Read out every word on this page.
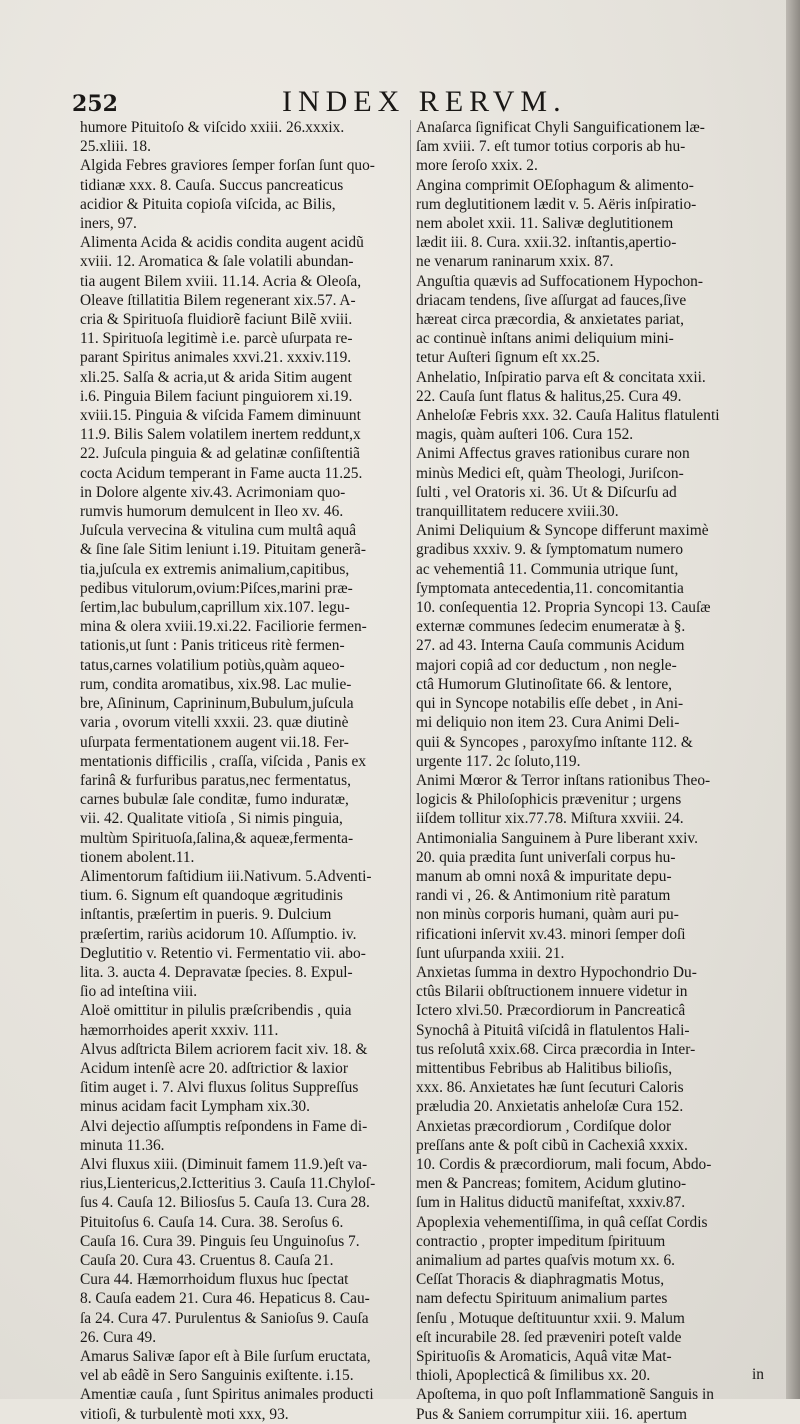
252	INDEX RERVM.
humore Pituitoſo & viſcido xxiii. 26.xxxix.
25.xliii. 18.
Algida Febres graviores ſemper forſan ſunt quo-
tidianæ xxx. 8. Cauſa. Succus pancreaticus
acidior & Pituita copioſa viſcida, ac Bilis,
iners, 97.
Alimenta Acida & acidis condita augent acidũ
xviii. 12. Aromatica & ſale volatili abundan-
tia augent Bilem xviii. 11.14. Acria & Oleoſa,
Oleave ſtillatitia Bilem regenerant xix.57. A-
cria & Spirituoſa fluidiorẽ faciunt Bilẽ xviii.
11. Spirituoſa legitimè i.e. parcè uſurpata re-
parant Spiritus animales xxvi.21. xxxiv.119.
xli.25. Salſa & acria,ut & arida Sitim augent
i.6. Pinguia Bilem faciunt pinguiorem xi.19.
xviii.15. Pinguia & viſcida Famem diminuunt
11.9. Bilis Salem volatilem inertem reddunt,x
22. Juſcula pinguia & ad gelatinæ conſiſtentiã
cocta Acidum temperant in Fame aucta 11.25.
in Dolore algente xiv.43. Acrimoniam quo-
rumvis humorum demulcent in Ileo xv. 46.
Juſcula vervecina & vitulina cum multâ aquâ
& ſine ſale Sitim leniunt i.19. Pituitam generã-
tia,juſcula ex extremis animalium,capitibus,
pedibus vitulorum,ovium:Piſces,marini præ-
ſertim,lac bubulum,caprillum xix.107. legu-
mina & olera xviii.19.xi.22. Faciliorie fermen-
tationis,ut ſunt : Panis triticeus ritè fermen-
tatus,carnes volatilium potiùs,quàm aqueo-
rum, condita aromatibus, xix.98. Lac mulie-
bre, Aſininum, Caprininum,Bubulum,juſcula
varia , ovorum vitelli xxxii. 23. quæ diutinè
uſurpata fermentationem augent vii.18. Fer-
mentationis difficilis , craſſa, viſcida , Panis ex
farinâ & furfuribus paratus,nec fermentatus,
carnes bubulæ ſale conditæ, fumo induratæ,
vii. 42. Qualitate vitioſa , Si nimis pinguia,
multùm Spirituoſa,ſalina,& aqueæ,fermenta-
tionem abolent.11.
Alimentorum faſtidium iii.Nativum. 5.Adventi-
tium. 6. Signum eſt quandoque ægritudinis
inſtantis, præſertim in pueris. 9. Dulcium
præſertim, rariùs acidorum 10. Aſſumptio. iv.
Deglutitio v. Retentio vi. Fermentatio vii. abo-
lita. 3. aucta 4. Depravatæ ſpecies. 8. Expul-
ſio ad inteſtina viii.
Aloë omittitur in pilulis præſcribendis , quia
hæmorrhoides aperit xxxiv. 111.
Alvus adſtricta Bilem acriorem facit xiv. 18. &
Acidum intenſè acre 20. adſtrictior & laxior
ſitim auget i. 7. Alvi fluxus ſolitus Suppreſſus
minus acidam facit Lympham xix.30.
Alvi dejectio aſſumptis reſpondens in Fame di-
minuta 11.36.
Alvi fluxus xiii. (Diminuit famem 11.9.)eſt va-
rius,Lientericus,2.Ictteritius 3. Cauſa 11.Chyloſ-
ſus 4. Cauſa 12. Biliosſus 5. Cauſa 13. Cura 28.
Pituitoſus 6. Cauſa 14. Cura. 38. Seroſus 6.
Cauſa 16. Cura 39. Pinguis ſeu Unguinoſus 7.
Cauſa 20. Cura 43. Cruentus 8. Cauſa 21.
Cura 44. Hæmorrhoidum fluxus huc ſpectat
8. Cauſa eadem 21. Cura 46. Hepaticus 8. Cau-
ſa 24. Cura 47. Purulentus & Sanioſus 9. Cauſa
26. Cura 49.
Amarus Salivæ ſapor eſt à Bile ſurſum eructata,
vel ab eâdẽ in Sero Sanguinis exiſtente. i.15.
Amentiæ cauſa , ſunt Spiritus animales producti
vitioſi, & turbulentè moti xxx, 93.
Anaſarca ſignificat Chyli Sanguificationem læ-
ſam xviii. 7. eſt tumor totius corporis ab hu-
more ſeroſo xxix. 2.
Angina comprimit OEſophagum & alimento-
rum deglutitionem lædit v. 5. Aëris inſpiratio-
nem abolet xxii. 11. Salivæ deglutitionem
lædit iii. 8. Cura. xxii.32. inſtantis,apertio-
ne venarum raninarum xxix. 87.
Anguſtia quævis ad Suffocationem Hypochon-
driacam tendens, ſive aſſurgat ad fauces,ſive
hæreat circa præcordia, & anxietates pariat,
ac continuè inſtans animi deliquium mini-
tetur Auſteri ſignum eſt xx.25.
Anhelatio, Inſpiratio parva eſt & concitata xxii.
22. Cauſa ſunt flatus & halitus,25. Cura 49.
Anheloſæ Febris xxx. 32. Cauſa Halitus flatulenti
magis, quàm auſteri 106. Cura 152.
Animi Affectus graves rationibus curare non
minùs Medici eſt, quàm Theologi, Juriſcon-
ſulti , vel Oratoris xi. 36. Ut & Diſcurſu ad
tranquillitatem reducere xviii.30.
Animi Deliquium & Syncope differunt maximè
gradibus xxxiv. 9. & ſymptomatum numero
ac vehementiâ 11. Communia utrique ſunt,
ſymptomata antecedentia,11. concomitantia
10. conſequentia 12. Propria Syncopi 13. Cauſæ
externæ communes ſedecim enumeratæ à §.
27. ad 43. Interna Cauſa communis Acidum
majori copiâ ad cor deductum , non negle-
ctâ Humorum Glutinoſitate 66. & lentore,
qui in Syncope notabilis eſſe debet , in Ani-
mi deliquio non item 23. Cura Animi Deli-
quii & Syncopes , paroxyſmo inſtante 112. &
urgente 117. 2c ſoluto,119.
Animi Mœror & Terror inſtans rationibus Theo-
logicis & Philoſophicis prævenitur ; urgens
iiſdem tollitur xix.77.78. Miſtura xxviii. 24.
Antimonialia Sanguinem à Pure liberant xxiv.
20. quia prædita ſunt univerſali corpus hu-
manum ab omni noxâ & impuritate depu-
randi vi , 26. & Antimonium ritè paratum
non minùs corporis humani, quàm auri pu-
rificationi inſervit xv.43. minori ſemper doſi
ſunt uſurpanda xxiii. 21.
Anxietas ſumma in dextro Hypochondrio Du-
ctûs Bilarii obſtructionem innuere videtur in
Ictero xlvi.50. Præcordiorum in Pancreaticâ
Synochâ à Pituitâ viſcidâ in flatulentos Hali-
tus reſolutâ xxix.68. Circa præcordia in Inter-
mittentibus Febribus ab Halitibus bilioſis,
xxx. 86. Anxietates hæ ſunt ſecuturi Caloris
præludia 20. Anxietatis anheloſæ Cura 152.
Anxietas præcordiorum , Cordiſque dolor
preſſans ante & poſt cibũ in Cachexiâ xxxix.
10. Cordis & præcordiorum, mali focum, Abdo-
men & Pancreas; fomitem, Acidum glutino-
ſum in Halitus diductũ manifeſtat, xxxiv.87.
Apoplexia vehementiſſima, in quâ ceſſat Cordis
contractio , propter impeditum ſpirituum
animalium ad partes quaſvis motum xx. 6.
Ceſſat Thoracis & diaphragmatis Motus,
nam defectu Spirituum animalium partes
ſenſu , Motuque deſtituuntur xxii. 9. Malum
eſt incurabile 28. ſed præveniri poteſt valde
Spirituoſis & Aromaticis, Aquâ vitæ Mat-
thioli, Apoplecticâ & ſimilibus xx. 20.
Apoſtema, in quo poſt Inflammationẽ Sanguis in
Pus & Saniem corrumpitur xiii. 16. apertum
in
